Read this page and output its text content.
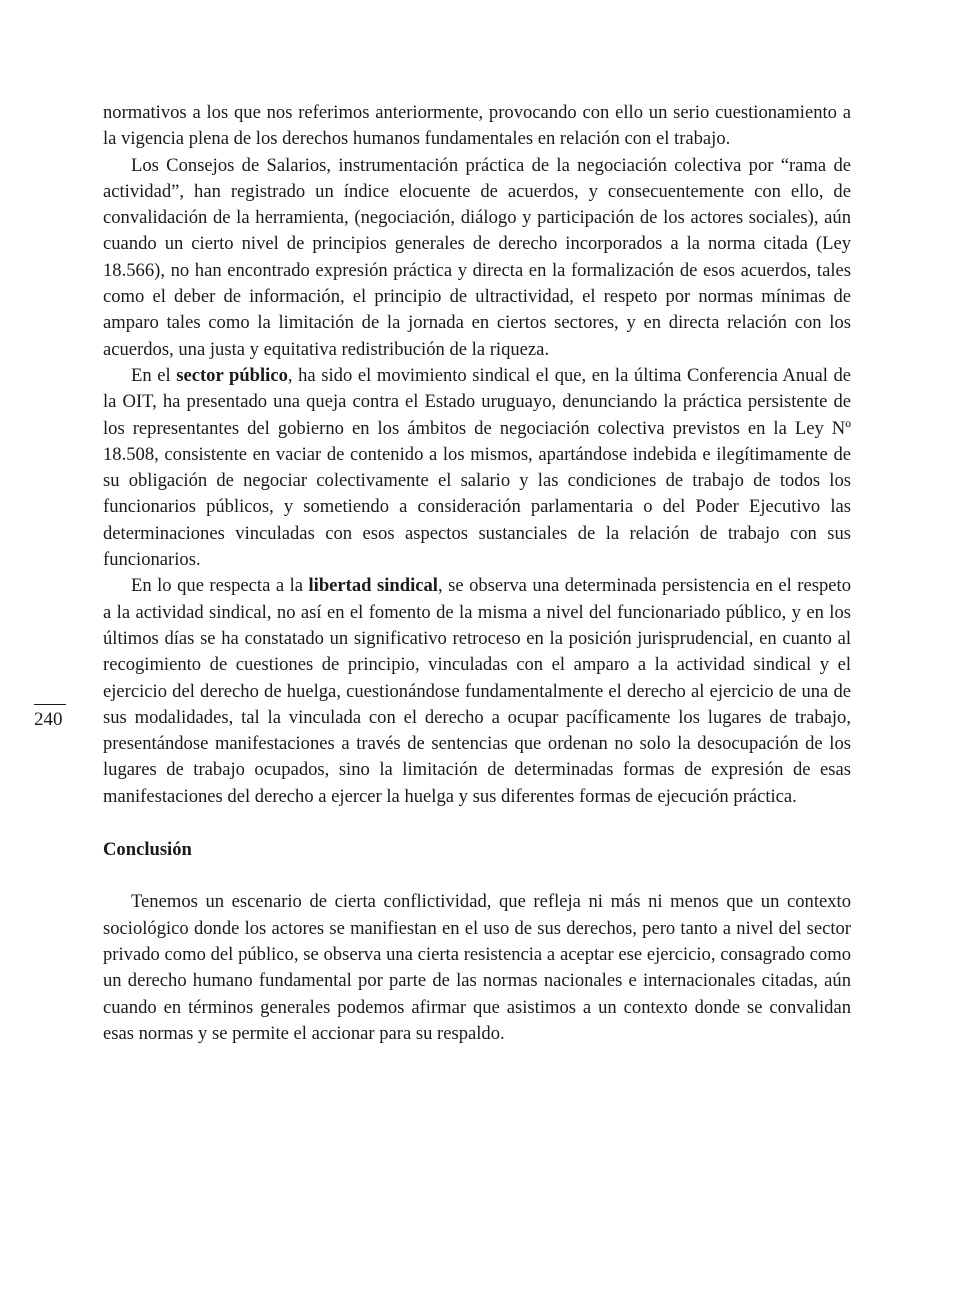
normativos a los que nos referimos anteriormente, provocando con ello un serio cuestionamiento a la vigencia plena de los derechos humanos fundamentales en relación con el trabajo.

Los Consejos de Salarios, instrumentación práctica de la negociación colectiva por “rama de actividad”, han registrado un índice elocuente de acuerdos, y consecuentemente con ello, de convalidación de la herramienta, (negociación, diálogo y participación de los actores sociales), aún cuando un cierto nivel de principios generales de derecho incorporados a la norma citada (Ley 18.566), no han encontrado expresión práctica y directa en la formalización de esos acuerdos, tales como el deber de información, el principio de ultractividad, el respeto por normas mínimas de amparo tales como la limitación de la jornada en ciertos sectores, y en directa relación con los acuerdos, una justa y equitativa redistribución de la riqueza.

En el sector público, ha sido el movimiento sindical el que, en la última Conferencia Anual de la OIT, ha presentado una queja contra el Estado uruguayo, denunciando la práctica persistente de los representantes del gobierno en los ámbitos de negociación colectiva previstos en la Ley Nº 18.508, consistente en vaciar de contenido a los mismos, apartándose indebida e ilegítimamente de su obligación de negociar colectivamente el salario y las condiciones de trabajo de todos los funcionarios públicos, y sometiendo a consideración parlamentaria o del Poder Ejecutivo las determinaciones vinculadas con esos aspectos sustanciales de la relación de trabajo con sus funcionarios.

En lo que respecta a la libertad sindical, se observa una determinada persistencia en el respeto a la actividad sindical, no así en el fomento de la misma a nivel del funcionariado público, y en los últimos días se ha constatado un significativo retroceso en la posición jurisprudencial, en cuanto al recogimiento de cuestiones de principio, vinculadas con el amparo a la actividad sindical y el ejercicio del derecho de huelga, cuestionándose fundamentalmente el derecho al ejercicio de una de sus modalidades, tal la vinculada con el derecho a ocupar pacíficamente los lugares de trabajo, presentándose manifestaciones a través de sentencias que ordenan no solo la desocupación de los lugares de trabajo ocupados, sino la limitación de determinadas formas de expresión de esas manifestaciones del derecho a ejercer la huelga y sus diferentes formas de ejecución práctica.

Conclusión

Tenemos un escenario de cierta conflictividad, que refleja ni más ni menos que un contexto sociológico donde los actores se manifiestan en el uso de sus derechos, pero tanto a nivel del sector privado como del público, se observa una cierta resistencia a aceptar ese ejercicio, consagrado como un derecho humano fundamental por parte de las normas nacionales e internacionales citadas, aún cuando en términos generales podemos afirmar que asistimos a un contexto donde se convalidan esas normas y se permite el accionar para su respaldo.

240
